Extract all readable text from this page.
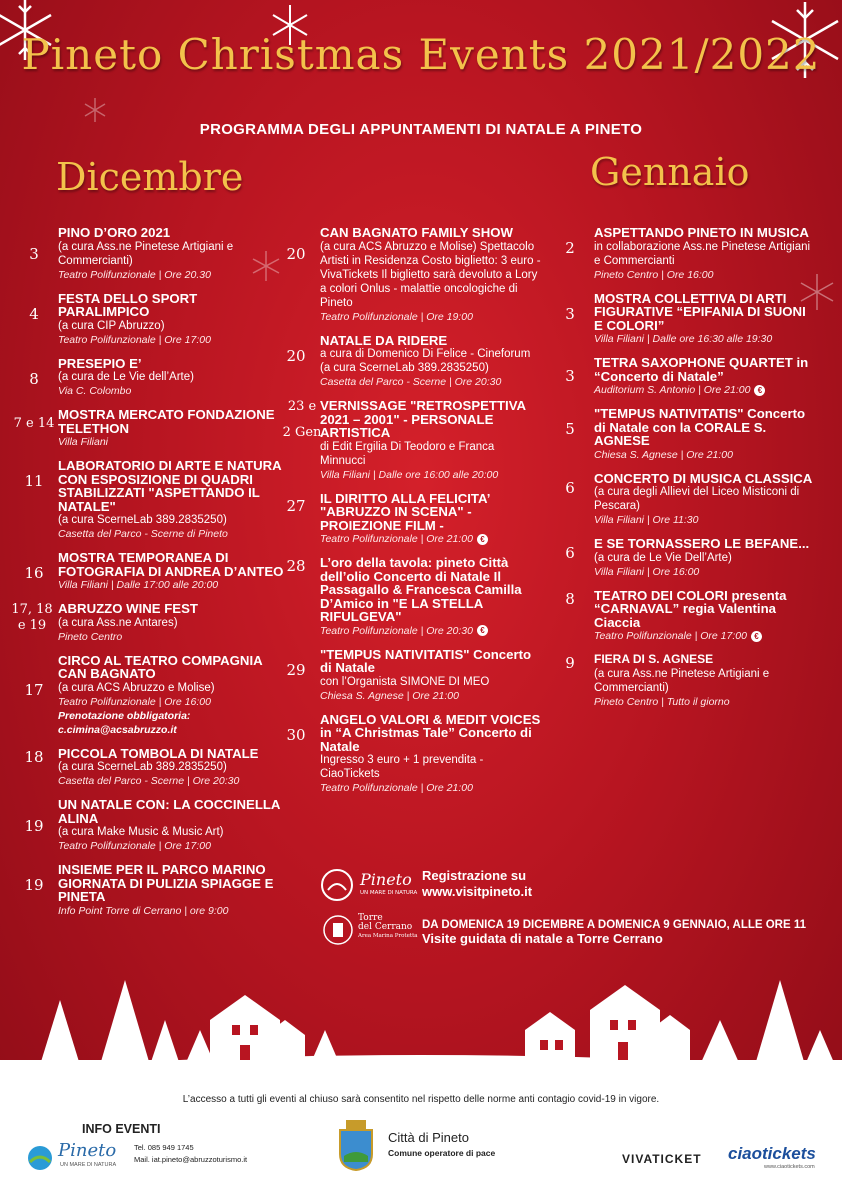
Pineto Christmas Events 2021/2022
PROGRAMMA DEGLI APPUNTAMENTI DI NATALE A PINETO
Dicembre	Gennaio
3
PINO D’ORO 2021
(a cura Ass.ne Pinetese Artigiani e Commercianti)
Teatro Polifunzionale | Ore 20.30
4
FESTA DELLO SPORT PARALIMPICO
(a cura CIP Abruzzo)
Teatro Polifunzionale | Ore 17:00
8
PRESEPIO E’
(a cura de Le Vie dell’Arte)
Via C. Colombo
7 e 14
MOSTRA MERCATO FONDAZIONE TELETHON
Villa Filiani
11
LABORATORIO DI ARTE E NATURA CON ESPOSIZIONE DI QUADRI STABILIZZATI "ASPETTANDO IL NATALE"
(a cura ScerneLab 389.2835250)
Casetta del Parco - Scerne di Pineto
16
MOSTRA TEMPORANEA DI FOTOGRAFIA DI ANDREA D’ANTEO
Villa Filiani | Dalle 17:00 alle 20:00
17, 18 e 19
ABRUZZO WINE FEST
(a cura Ass.ne Antares)
Pineto Centro
17
CIRCO AL TEATRO COMPAGNIA CAN BAGNATO
(a cura ACS Abruzzo e Molise)
Teatro Polifunzionale | Ore 16:00
Prenotazione obbligatoria:
c.cimina@acsabruzzo.it
18	PICCOLA TOMBOLA DI NATALE
(a cura ScerneLab 389.2835250)
Casetta del Parco - Scerne | Ore 20:30
19
UN NATALE CON: LA COCCINELLA ALINA
(a cura Make Music & Music Art)
Teatro Polifunzionale | Ore 17:00
19
INSIEME PER IL PARCO MARINO GIORNATA DI PULIZIA SPIAGGE E PINETA
Info Point Torre di Cerrano | ore 9:00
20
CAN BAGNATO FAMILY SHOW
(a cura ACS Abruzzo e Molise) Spettacolo Artisti in Residenza Costo biglietto: 3 euro - VivaTickets Il biglietto sarà devoluto a Lory a colori Onlus - malattie oncologiche di Pineto
Teatro Polifunzionale | Ore 19:00
20
NATALE DA RIDERE
a cura di Domenico Di Felice - Cineforum (a cura ScerneLab 389.2835250)
Casetta del Parco - Scerne | Ore 20:30
23 e
2 Gen
VERNISSAGE "RETROSPETTIVA 2021 – 2001" - PERSONALE ARTISTICA
di Edit Ergilia Di Teodoro e Franca Minnucci
Villa Filiani | Dalle ore 16:00 alle 20:00
27	IL DIRITTO ALLA FELICITA’ "ABRUZZO IN SCENA" - PROIEZIONE FILM -
Teatro Polifunzionale | Ore 21:00 €
28	L’oro della tavola: pineto Città dell’olio Concerto di Natale Il Passagallo & Francesca Camilla D’Amico in "E LA STELLA RIFULGEVA"
Teatro Polifunzionale | Ore 20:30 €
29
"TEMPUS NATIVITATIS" Concerto di Natale
con l’Organista SIMONE DI MEO
Chiesa S. Agnese | Ore 21:00
30
ANGELO VALORI & MEDIT VOICES in “A Christmas Tale” Concerto di Natale
Ingresso 3 euro + 1 prevendita - CiaoTickets
Teatro Polifunzionale | Ore 21:00
2
ASPETTANDO PINETO IN MUSICA
in collaborazione Ass.ne Pinetese Artigiani e Commercianti
Pineto Centro | Ore 16:00
3
MOSTRA COLLETTIVA DI ARTI FIGURATIVE “EPIFANIA DI SUONI E COLORI”
Villa Filiani | Dalle ore 16:30 alle 19:30
3
TETRA SAXOPHONE QUARTET in “Concerto di Natale”
Auditorium S. Antonio | Ore 21:00 €
5
"TEMPUS NATIVITATIS" Concerto di Natale con la CORALE S. AGNESE
Chiesa S. Agnese | Ore 21:00
6
CONCERTO DI MUSICA CLASSICA
(a cura degli Allievi del Liceo Misticoni di Pescara)
Villa Filiani | Ore 11:30
6
E SE TORNASSERO LE BEFANE...
(a cura de Le Vie Dell’Arte)
Villa Filiani | Ore 16:00
8	TEATRO DEI COLORI presenta “CARNAVAL” regia Valentina Ciaccia
Teatro Polifunzionale | Ore 17:00 €
9	FIERA DI S. AGNESE
(a cura Ass.ne Pinetese Artigiani e Commercianti)
Pineto Centro | Tutto il giorno
Pineto
UN MARE DI NATURA
Registrazione su
www.visitpineto.it
Torre
del Cerrano
Area Marina Protetta
DA DOMENICA 19 DICEMBRE A DOMENICA 9 GENNAIO, ALLE ORE 11
Visite guidata di natale a Torre Cerrano
L’accesso a tutti gli eventi al chiuso sarà consentito nel rispetto delle norme anti contagio covid-19 in vigore.
INFO EVENTI
Pineto
UN MARE DI NATURA
Tel. 085 949 1745
Mail. iat.pineto@abruzzoturismo.it
Città di Pineto
Comune operatore di pace	VIVATICKET ciaotickets
www.ciaotickets.com
